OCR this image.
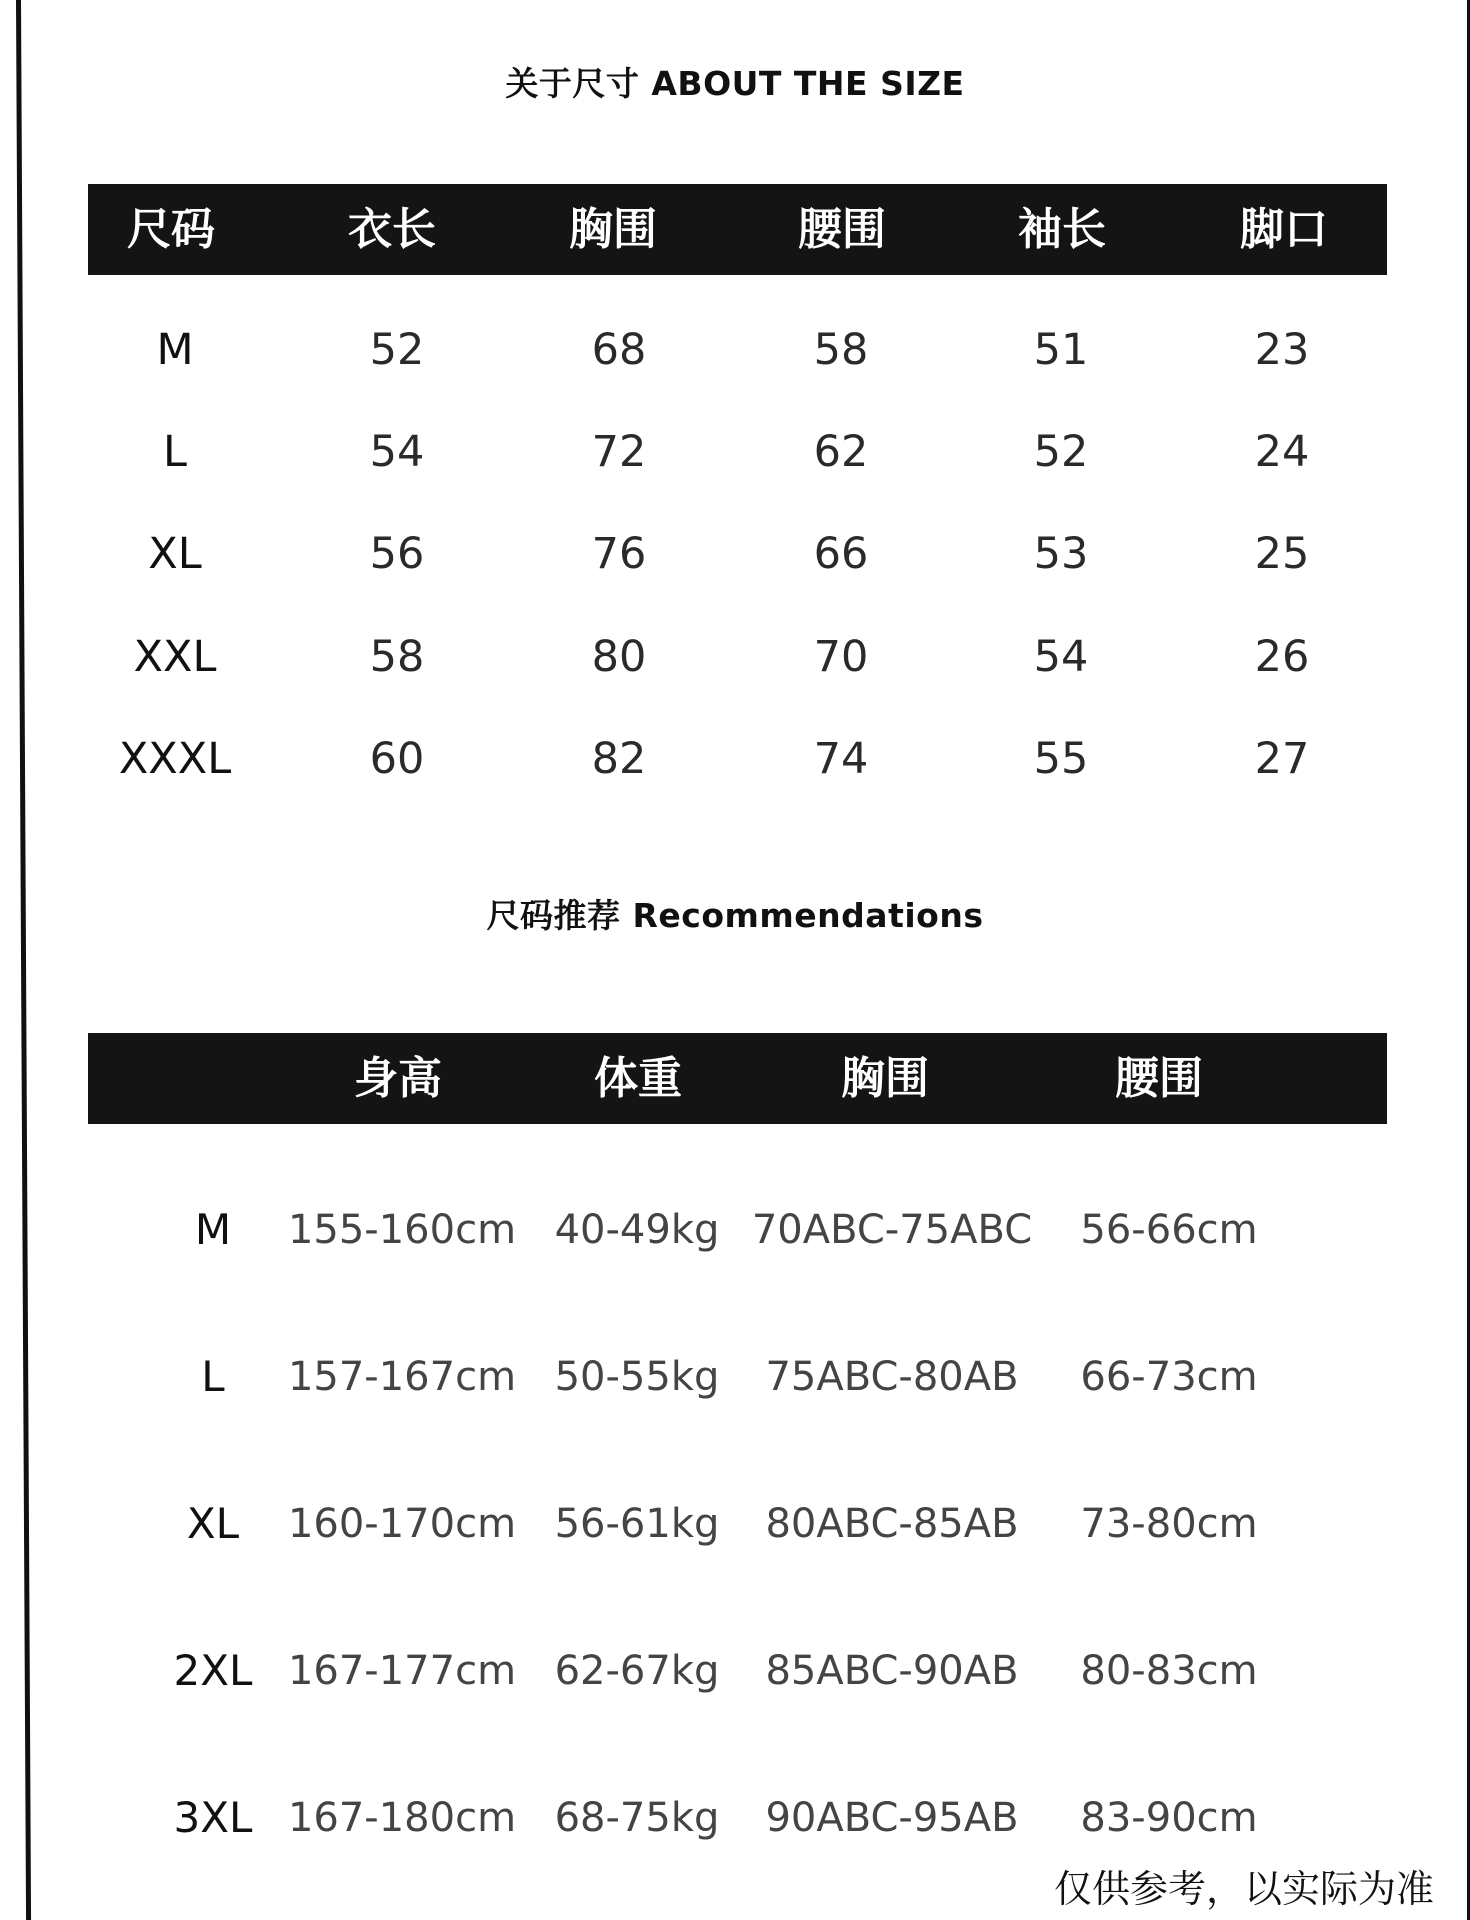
关于尺寸 ABOUT THE SIZE
尺码	衣长	胸围	腰围	袖长	脚口
M	52	68	58	51	23
L	54	72	62	52	24
XL	56	76	66	53	25
XXL	58	80	70	54	26
XXXL	60	82	74	55	27
尺码推荐 Recommendations
身高	体重	胸围	腰围
M 155-160cm 40-49kg 70ABC-75ABC 56-66cm
L 157-167cm 50-55kg 75ABC-80AB 66-73cm
XL 160-170cm 56-61kg 80ABC-85AB 73-80cm
2XL 167-177cm 62-67kg 85ABC-90AB 80-83cm
3XL 167-180cm 68-75kg 90ABC-95AB 83-90cm
仅供参考，以实际为准
